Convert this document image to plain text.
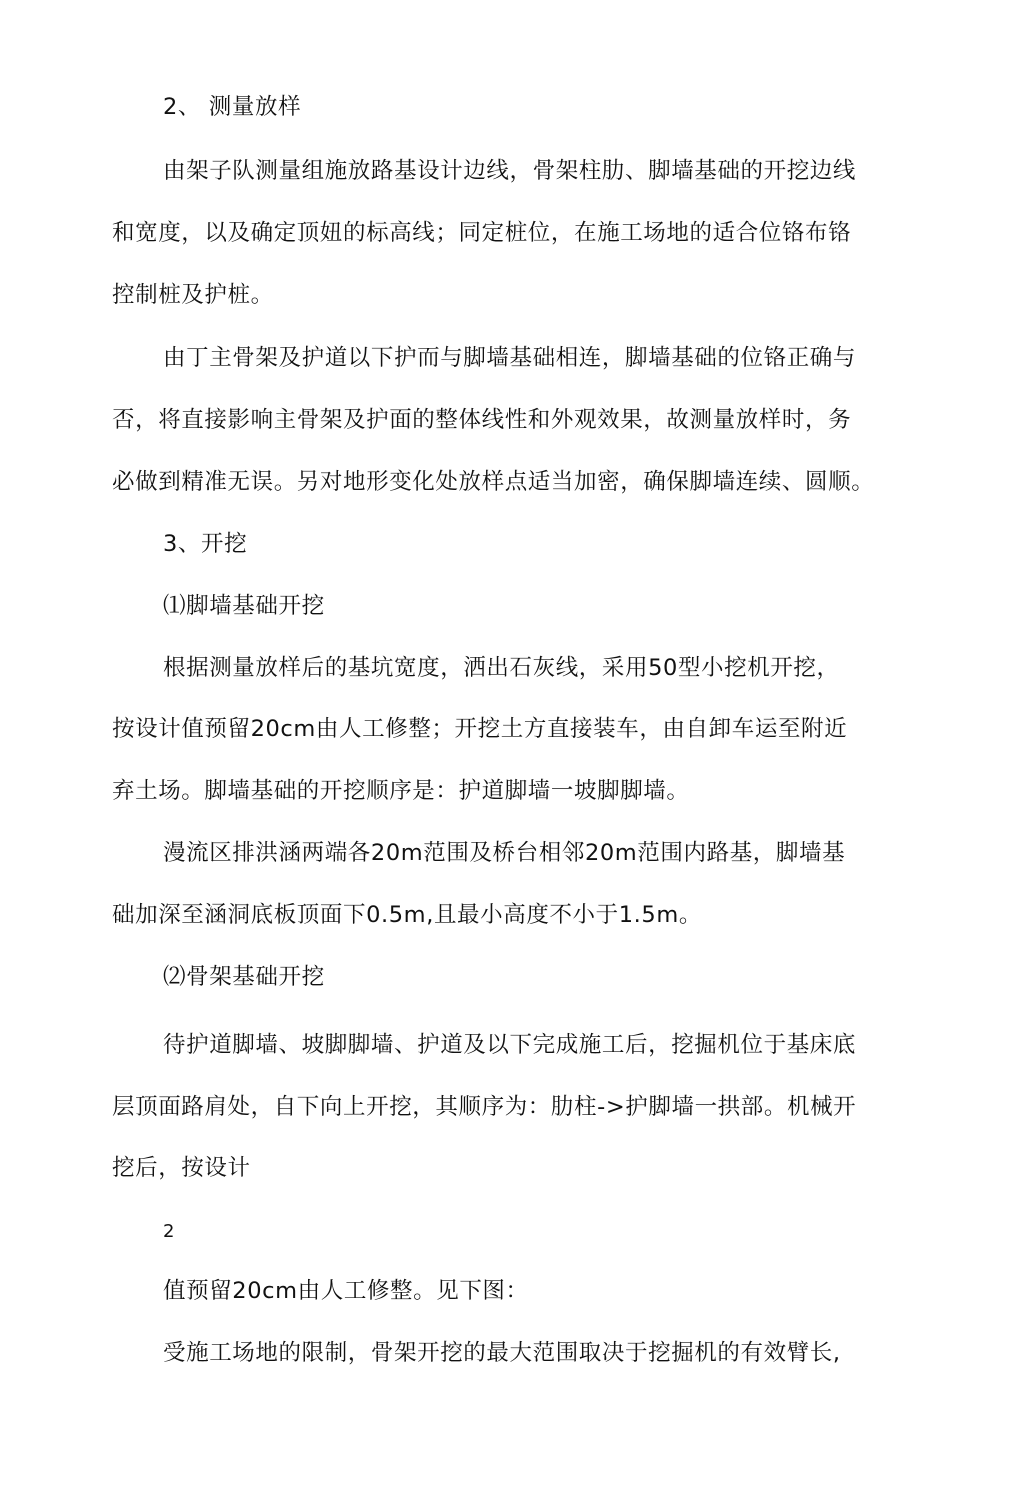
2、 测量放样
由架子队测量组施放路基设计边线，骨架柱肋、脚墙基础的开挖边线
和宽度，以及确定顶妞的标高线；同定桩位，在施工场地的适合位铬布铬
控制桩及护桩。
由丁主骨架及护道以下护而与脚墙基础相连，脚墙基础的位铬正确与
否，将直接影响主骨架及护面的整体线性和外观效果，故测量放样时，务
必做到精准无误。另对地形变化处放样点适当加密，确保脚墙连续、圆顺。
3、开挖
⑴脚墙基础开挖
根据测量放样后的基坑宽度，洒出石灰线，采用50型小挖机开挖，
按设计值预留20cm由人工修整；开挖土方直接装车，由自卸车运至附近
弃土场。脚墙基础的开挖顺序是：护道脚墙一坡脚脚墙。
漫流区排洪涵两端各20m范围及桥台相邻20m范围内路基，脚墙基
础加深至涵洞底板顶面下0.5m,且最小高度不小于1.5m。
⑵骨架基础开挖
待护道脚墙、坡脚脚墙、护道及以下完成施工后，挖掘机位于基床底
层顶面路肩处，自下向上开挖，其顺序为：肋柱->护脚墙一拱部。机械开
挖后，按设计
2
值预留20cm由人工修整。见下图：
受施工场地的限制，骨架开挖的最大范围取决于挖掘机的有效臂长,
